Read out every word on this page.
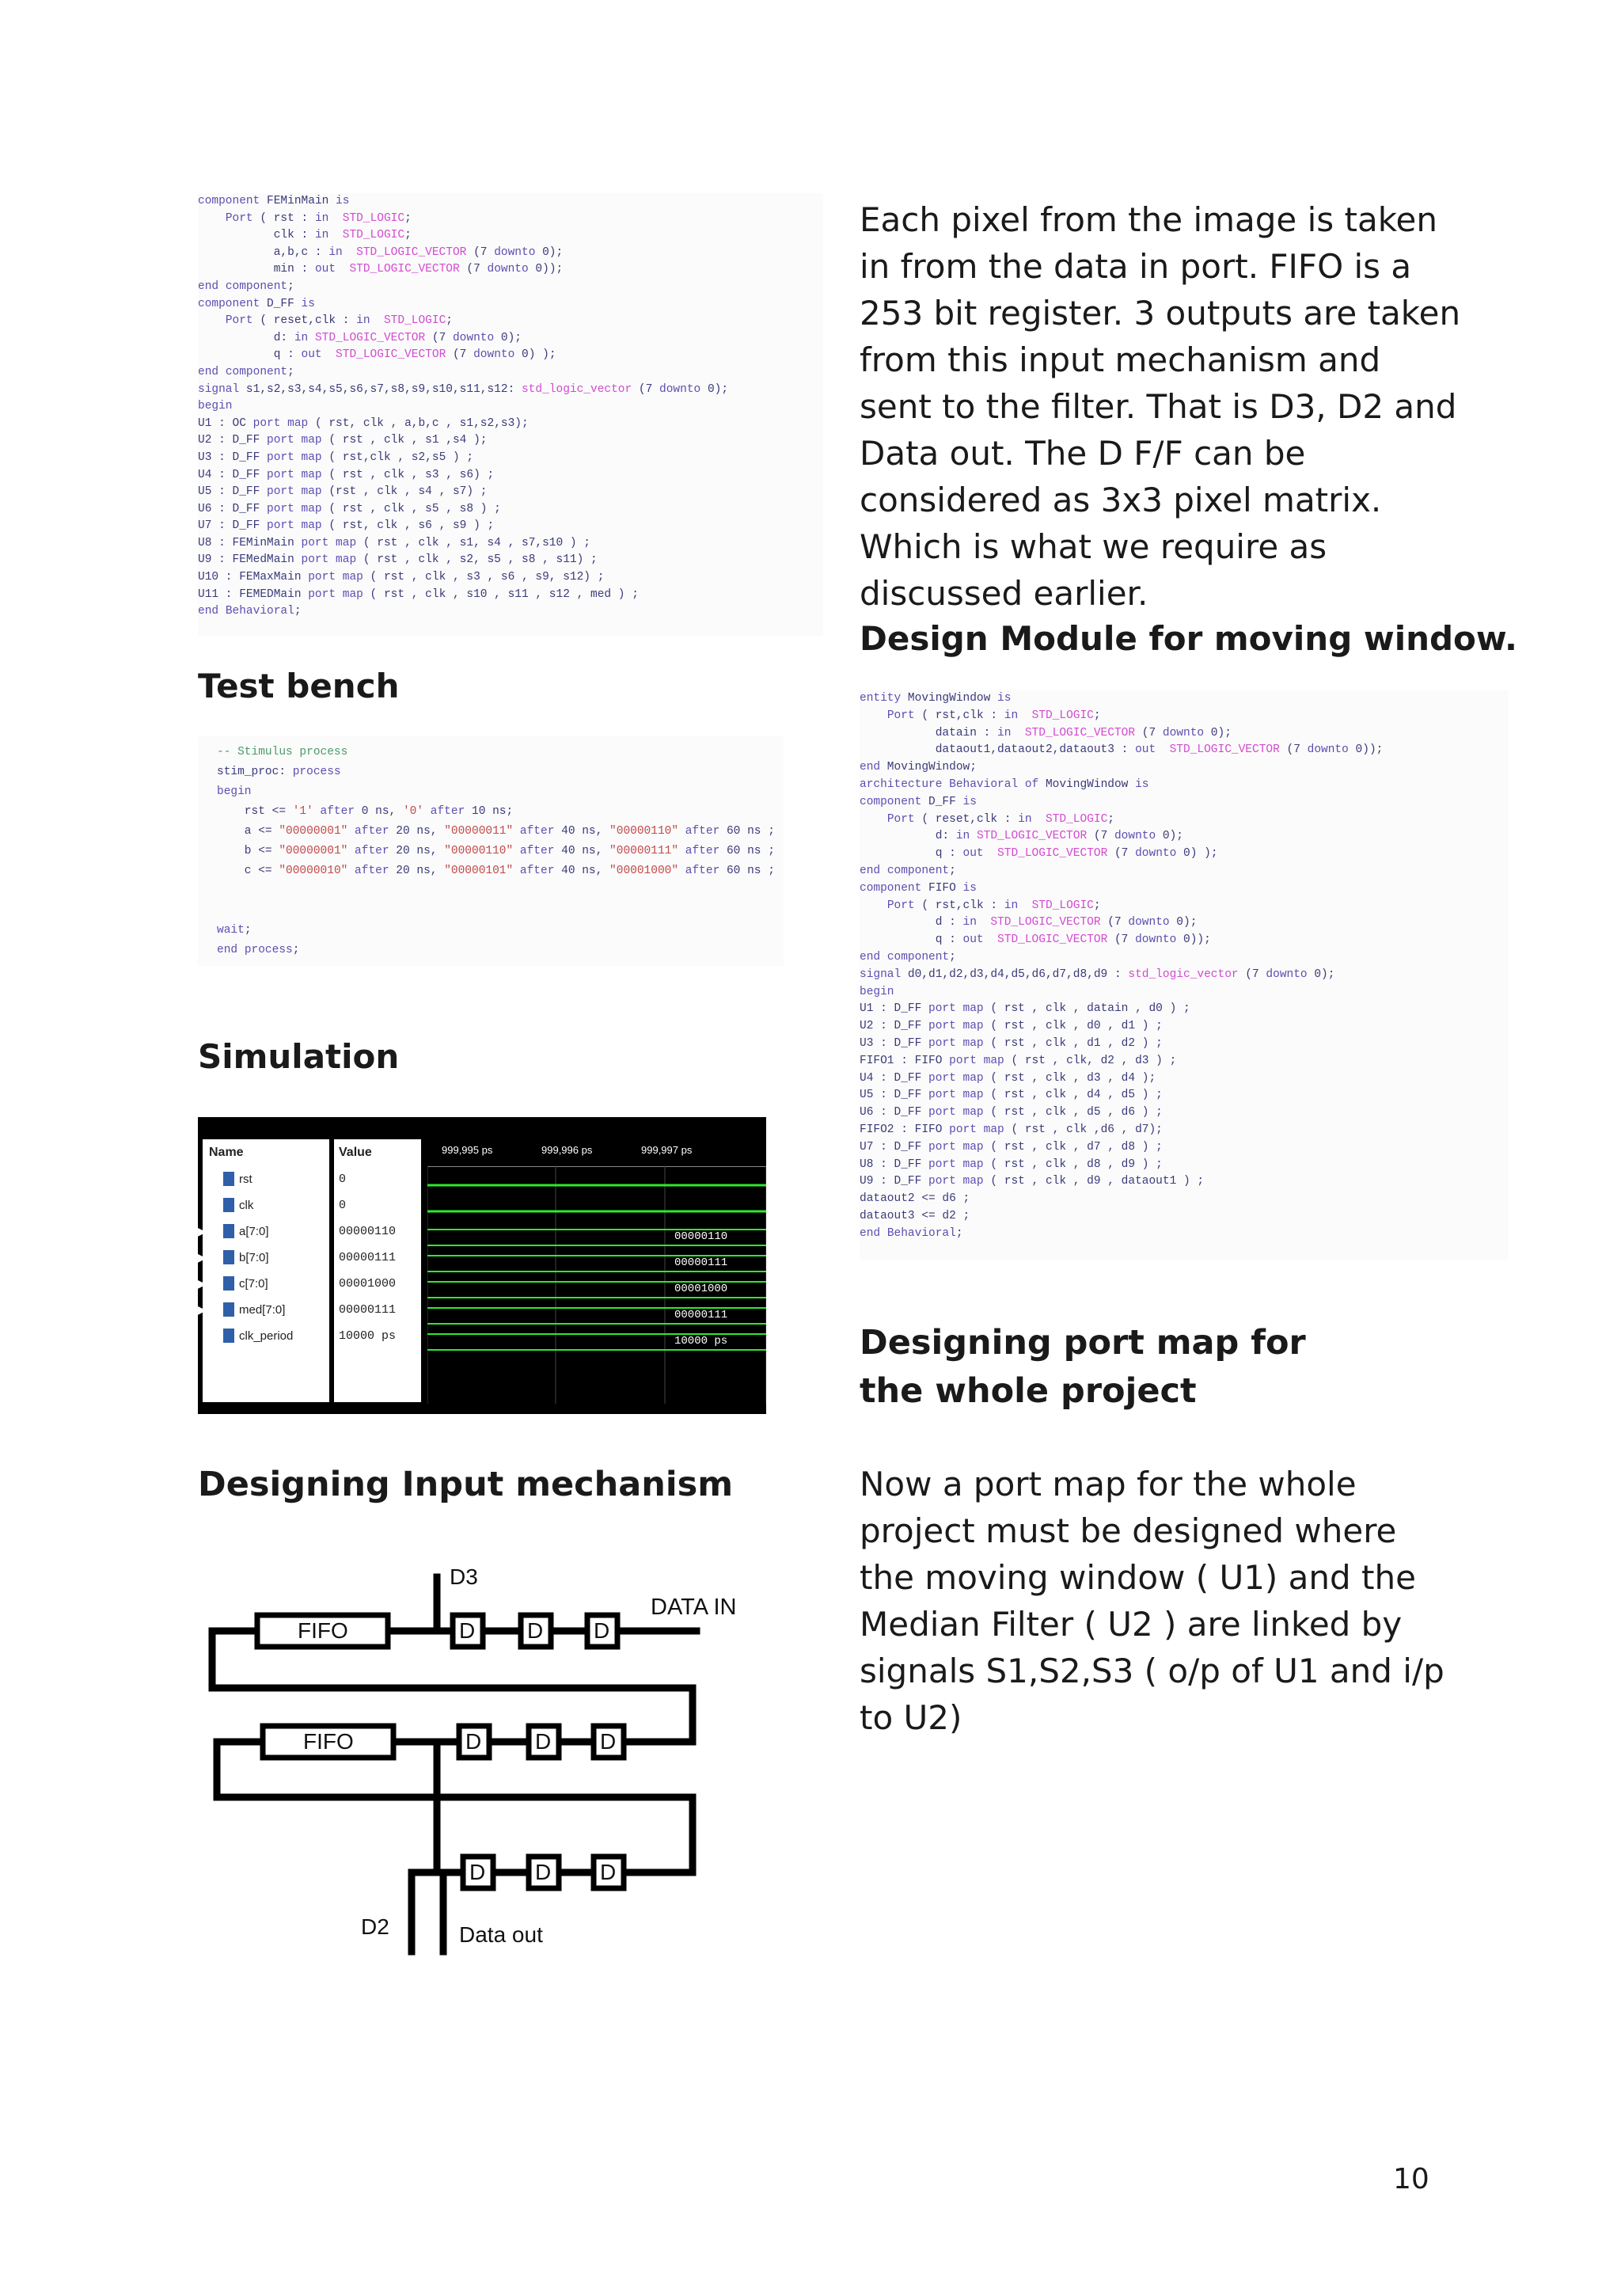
component FEMinMain is
Port ( rst : in STD_LOGIC;
clk : in STD_LOGIC;
a,b,c : in STD_LOGIC_VECTOR (7 downto 0);
min : out STD_LOGIC_VECTOR (7 downto 0));
end component;
component D_FF is
Port ( reset,clk : in STD_LOGIC;
d: in STD_LOGIC_VECTOR (7 downto 0);
q : out STD_LOGIC_VECTOR (7 downto 0) );
end component;
signal s1,s2,s3,s4,s5,s6,s7,s8,s9,s10,s11,s12: std_logic_vector (7 downto 0);
begin
U1 : OC port map ( rst, clk , a,b,c , s1,s2,s3);
U2 : D_FF port map ( rst , clk , s1 ,s4 );
U3 : D_FF port map ( rst,clk , s2,s5 ) ;
U4 : D_FF port map ( rst , clk , s3 , s6) ;
U5 : D_FF port map (rst , clk , s4 , s7) ;
U6 : D_FF port map ( rst , clk , s5 , s8 ) ;
U7 : D_FF port map ( rst, clk , s6 , s9 ) ;
U8 : FEMinMain port map ( rst , clk , s1, s4 , s7,s10 ) ;
U9 : FEMedMain port map ( rst , clk , s2, s5 , s8 , s11) ;
U10 : FEMaxMain port map ( rst , clk , s3 , s6 , s9, s12) ;
U11 : FEMEDMain port map ( rst , clk , s10 , s11 , s12 , med ) ;
end Behavioral;
Test bench
-- Stimulus process
stim_proc: process
begin
rst <= '1' after 0 ns, '0' after 10 ns;
a <= "00000001" after 20 ns, "00000011" after 40 ns, "00000110" after 60 ns ;
b <= "00000001" after 20 ns, "00000110" after 40 ns, "00000111" after 60 ns ;
c <= "00000010" after 20 ns, "00000101" after 40 ns, "00001000" after 60 ns ;

wait;
end process;
Simulation
Name	Value
rst	0
clk	0
▶	a[7:0]	00000110	00000110
▶	b[7:0]	00000111	00000111
▶	c[7:0]	00001000	00001000
▶	med[7:0]	00000111	00000111
clk_period	10000 ps	10000 ps
999,995 ps	999,996 ps	999,997 ps
Designing Input mechanism
FIFO
FIFO
D3
DATA IN
D2	Data out
D D D
D D D
D D D

Each pixel from the image is taken in from the data in port. FIFO is a 253 bit register. 3 outputs are taken from this input mechanism and sent to the filter. That is D3, D2 and Data out. The D F/F can be considered as 3x3 pixel matrix. Which is what we require as discussed earlier.

Design Module for moving window.
entity MovingWindow is
Port ( rst,clk : in STD_LOGIC;
datain : in STD_LOGIC_VECTOR (7 downto 0);
dataout1,dataout2,dataout3 : out STD_LOGIC_VECTOR (7 downto 0));
end MovingWindow;
architecture Behavioral of MovingWindow is
component D_FF is
Port ( reset,clk : in STD_LOGIC;
d: in STD_LOGIC_VECTOR (7 downto 0);
q : out STD_LOGIC_VECTOR (7 downto 0) );
end component;
component FIFO is
Port ( rst,clk : in STD_LOGIC;
d : in STD_LOGIC_VECTOR (7 downto 0);
q : out STD_LOGIC_VECTOR (7 downto 0));
end component;
signal d0,d1,d2,d3,d4,d5,d6,d7,d8,d9 : std_logic_vector (7 downto 0);
begin
U1 : D_FF port map ( rst , clk , datain , d0 ) ;
U2 : D_FF port map ( rst , clk , d0 , d1 ) ;
U3 : D_FF port map ( rst , clk , d1 , d2 ) ;
FIFO1 : FIFO port map ( rst , clk, d2 , d3 ) ;
U4 : D_FF port map ( rst , clk , d3 , d4 );
U5 : D_FF port map ( rst , clk , d4 , d5 ) ;
U6 : D_FF port map ( rst , clk , d5 , d6 ) ;
FIFO2 : FIFO port map ( rst , clk ,d6 , d7);
U7 : D_FF port map ( rst , clk , d7 , d8 ) ;
U8 : D_FF port map ( rst , clk , d8 , d9 ) ;
U9 : D_FF port map ( rst , clk , d9 , dataout1 ) ;
dataout2 <= d6 ;
dataout3 <= d2 ;
end Behavioral;
Designing port map for the whole project

Now a port map for the whole project must be designed where the moving window ( U1) and the Median Filter ( U2 ) are linked by signals S1,S2,S3 ( o/p of U1 and i/p to U2)

10
